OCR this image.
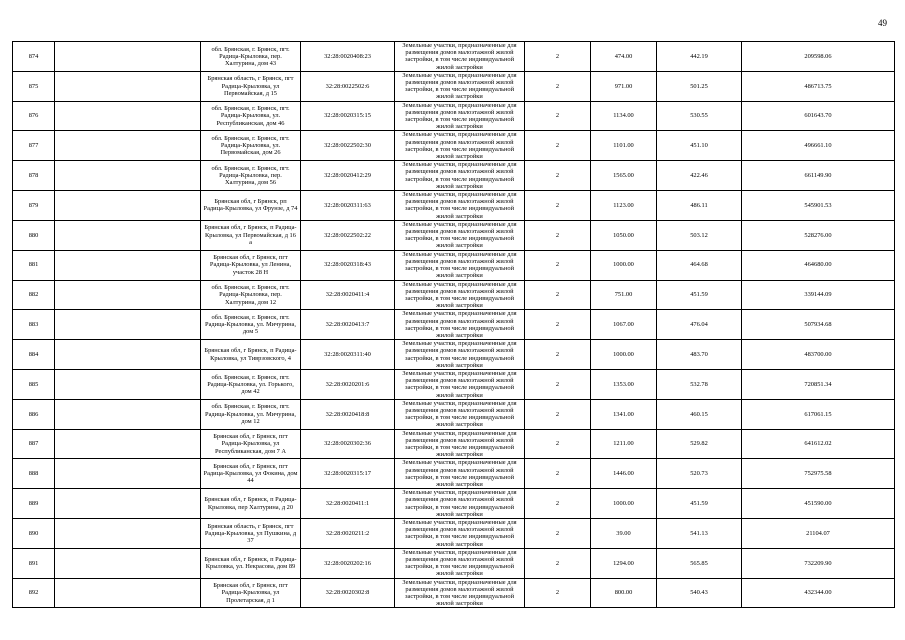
49
874		обл. Брянская, г. Брянск, пгт. Радица-Крыловка, пер. Халтурина, дом 43	32:28:0020408:23	Земельные участки, предназначенные для размещения домов малоэтажной жилой застройки, в том числе индивидуальной жилой застройки	2	474.00	442.19	209598.06
875		Брянская область, г Брянск, пгт Радица-Крыловка, ул Первомайская, д 15	32:28:0022502:6	Земельные участки, предназначенные для размещения домов малоэтажной жилой застройки, в том числе индивидуальной жилой застройки	2	971.00	501.25	486713.75
876		обл. Брянская, г. Брянск, пгт. Радица-Крыловка, ул. Республиканская, дом 46	32:28:0020315:15	Земельные участки, предназначенные для размещения домов малоэтажной жилой застройки, в том числе индивидуальной жилой застройки	2	1134.00	530.55	601643.70
877		обл. Брянская, г. Брянск, пгт. Радица-Крыловка, ул. Первомайская, дом 26	32:28:0022502:30	Земельные участки, предназначенные для размещения домов малоэтажной жилой застройки, в том числе индивидуальной жилой застройки	2	1101.00	451.10	496661.10
878		обл. Брянская, г. Брянск, пгт. Радица-Крыловка, пер. Халтурина, дом 56	32:28:0020412:29	Земельные участки, предназначенные для размещения домов малоэтажной жилой застройки, в том числе индивидуальной жилой застройки	2	1565.00	422.46	661149.90
879		Брянская обл, г Брянск, рп Радица-Крыловка, ул Фрунзе, д 74	32:28:0020311:63	Земельные участки, предназначенные для размещения домов малоэтажной жилой застройки, в том числе индивидуальной жилой застройки	2	1123.00	486.11	545901.53
880		Брянская обл, г Брянск, п Радица-Крыловка, ул Первомайская, д 16 а	32:28:0022502:22	Земельные участки, предназначенные для размещения домов малоэтажной жилой застройки, в том числе индивидуальной жилой застройки	2	1050.00	503.12	528276.00
881		Брянская обл, г Брянск, пгт Радица-Крыловка, ул Ленина, участок 28 Н	32:28:0020318:43	Земельные участки, предназначенные для размещения домов малоэтажной жилой застройки, в том числе индивидуальной жилой застройки	2	1000.00	464.68	464680.00
882		обл. Брянская, г. Брянск, пгт. Радица-Крыловка, пер. Халтурина, дом 12	32:28:0020411:4	Земельные участки, предназначенные для размещения домов малоэтажной жилой застройки, в том числе индивидуальной жилой застройки	2	751.00	451.59	339144.09
883		обл. Брянская, г. Брянск, пгт. Радица-Крыловка, ул. Мичурина, дом 5	32:28:0020413:7	Земельные участки, предназначенные для размещения домов малоэтажной жилой застройки, в том числе индивидуальной жилой застройки	2	1067.00	476.04	507934.68
884		Брянская обл, г Брянск, п Радица-Крыловка, ул Тиврзовского, 4	32:28:0020311:40	Земельные участки, предназначенные для размещения домов малоэтажной жилой застройки, в том числе индивидуальной жилой застройки	2	1000.00	483.70	483700.00
885		обл. Брянская, г. Брянск, пгт. Радица-Крыловка, ул. Горького, дом 42	32:28:0020201:6	Земельные участки, предназначенные для размещения домов малоэтажной жилой застройки, в том числе индивидуальной жилой застройки	2	1353.00	532.78	720851.34
886		обл. Брянская, г. Брянск, пгт. Радица-Крыловка, ул. Мичурина, дом 12	32:28:0020418:8	Земельные участки, предназначенные для размещения домов малоэтажной жилой застройки, в том числе индивидуальной жилой застройки	2	1341.00	460.15	617061.15
887		Брянская обл, г Брянск, пгт Радица-Крыловка, ул Республиканская, дом 7 А	32:28:0020302:36	Земельные участки, предназначенные для размещения домов малоэтажной жилой застройки, в том числе индивидуальной жилой застройки	2	1211.00	529.82	641612.02
888		Брянская обл, г Брянск, пгт Радица-Крыловка, ул Фокина, дом 44	32:28:0020315:17	Земельные участки, предназначенные для размещения домов малоэтажной жилой застройки, в том числе индивидуальной жилой застройки	2	1446.00	520.73	752975.58
889		Брянская обл, г Брянск, п Радица-Крыловка, пер Халтурина, д 20	32:28:0020411:1	Земельные участки, предназначенные для размещения домов малоэтажной жилой застройки, в том числе индивидуальной жилой застройки	2	1000.00	451.59	451590.00
890		Брянская область, г Брянск, пгт Радица-Крыловка, ул Пушкина, д 37	32:28:0020211:2	Земельные участки, предназначенные для размещения домов малоэтажной жилой застройки, в том числе индивидуальной жилой застройки	2	39.00	541.13	21104.07
891		Брянская обл, г Брянск, п Радица-Крыловка, ул. Некрасова, дом 89	32:28:0020202:16	Земельные участки, предназначенные для размещения домов малоэтажной жилой застройки, в том числе индивидуальной жилой застройки	2	1294.00	565.85	732209.90
892		Брянская обл, г Брянск, пгт Радица-Крыловка, ул Пролетарская, д 1	32:28:0020302:8	Земельные участки, предназначенные для размещения домов малоэтажной жилой застройки, в том числе индивидуальной жилой застройки	2	800.00	540.43	432344.00
